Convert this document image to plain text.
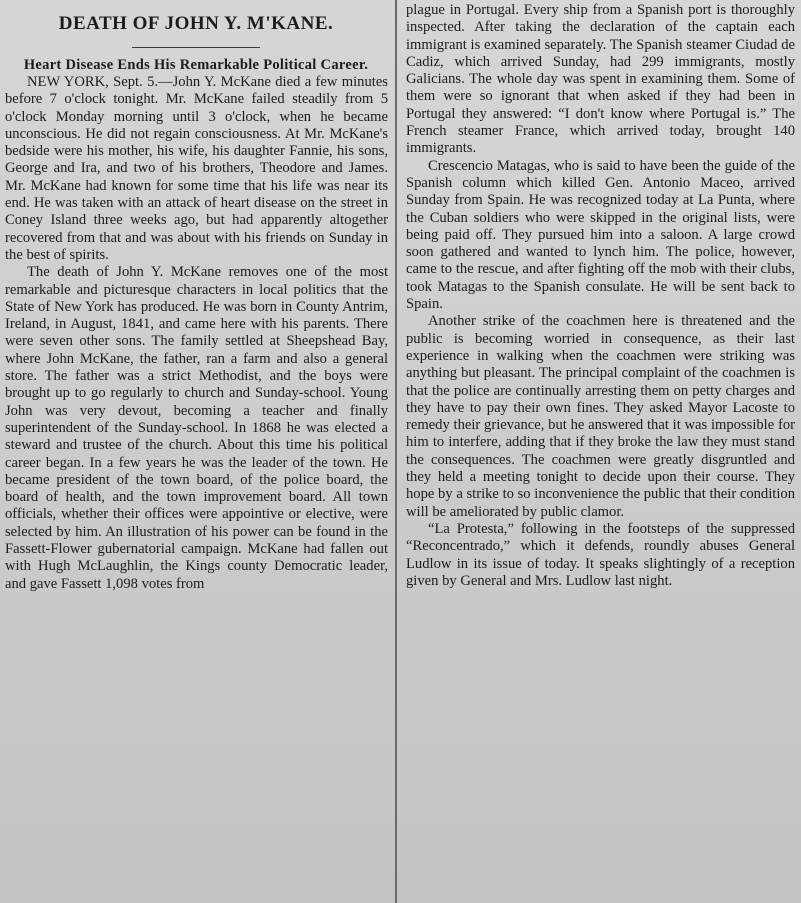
DEATH OF JOHN Y. M'KANE.
Heart Disease Ends His Remarkable Political Career.

NEW YORK, Sept. 5.—John Y. McKane died a few minutes before 7 o'clock tonight. Mr. McKane failed steadily from 5 o'clock Monday morning until 3 o'clock, when he became unconscious. He did not regain consciousness. At Mr. McKane's bedside were his mother, his wife, his daughter Fannie, his sons, George and Ira, and two of his brothers, Theodore and James. Mr. McKane had known for some time that his life was near its end. He was taken with an attack of heart disease on the street in Coney Island three weeks ago, but had apparently altogether recovered from that and was about with his friends on Sunday in the best of spirits.

The death of John Y. McKane removes one of the most remarkable and picturesque characters in local politics that the State of New York has produced. He was born in County Antrim, Ireland, in August, 1841, and came here with his parents. There were seven other sons. The family settled at Sheepshead Bay, where John McKane, the father, ran a farm and also a general store. The father was a strict Methodist, and the boys were brought up to go regularly to church and Sunday-school. Young John was very devout, becoming a teacher and finally superintendent of the Sunday-school. In 1868 he was elected a steward and trustee of the church. About this time his political career began. In a few years he was the leader of the town. He became president of the town board, of the police board, the board of health, and the town improvement board. All town officials, whether their offices were appointive or elective, were selected by him. An illustration of his power can be found in the Fassett-Flower gubernatorial campaign. McKane had fallen out with Hugh McLaughlin, the Kings county Democratic leader, and gave Fassett 1,098 votes from

plague in Portugal. Every ship from a Spanish port is thoroughly inspected. After taking the declaration of the captain each immigrant is examined separately. The Spanish steamer Ciudad de Cadiz, which arrived Sunday, had 299 immigrants, mostly Galicians. The whole day was spent in examining them. Some of them were so ignorant that when asked if they had been in Portugal they answered: “I don't know where Portugal is.” The French steamer France, which arrived today, brought 140 immigrants.

Crescencio Matagas, who is said to have been the guide of the Spanish column which killed Gen. Antonio Maceo, arrived Sunday from Spain. He was recognized today at La Punta, where the Cuban soldiers who were skipped in the original lists, were being paid off. They pursued him into a saloon. A large crowd soon gathered and wanted to lynch him. The police, however, came to the rescue, and after fighting off the mob with their clubs, took Matagas to the Spanish consulate. He will be sent back to Spain.

Another strike of the coachmen here is threatened and the public is becoming worried in consequence, as their last experience in walking when the coachmen were striking was anything but pleasant. The principal complaint of the coachmen is that the police are continually arresting them on petty charges and they have to pay their own fines. They asked Mayor Lacoste to remedy their grievance, but he answered that it was impossible for him to interfere, adding that if they broke the law they must stand the consequences. The coachmen were greatly disgruntled and they held a meeting tonight to decide upon their course. They hope by a strike to so inconvenience the public that their condition will be ameliorated by public clamor.

“La Protesta,” following in the footsteps of the suppressed “Reconcentrado,” which it defends, roundly abuses General Ludlow in its issue of today. It speaks slightingly of a reception given by General and Mrs. Ludlow last night.
